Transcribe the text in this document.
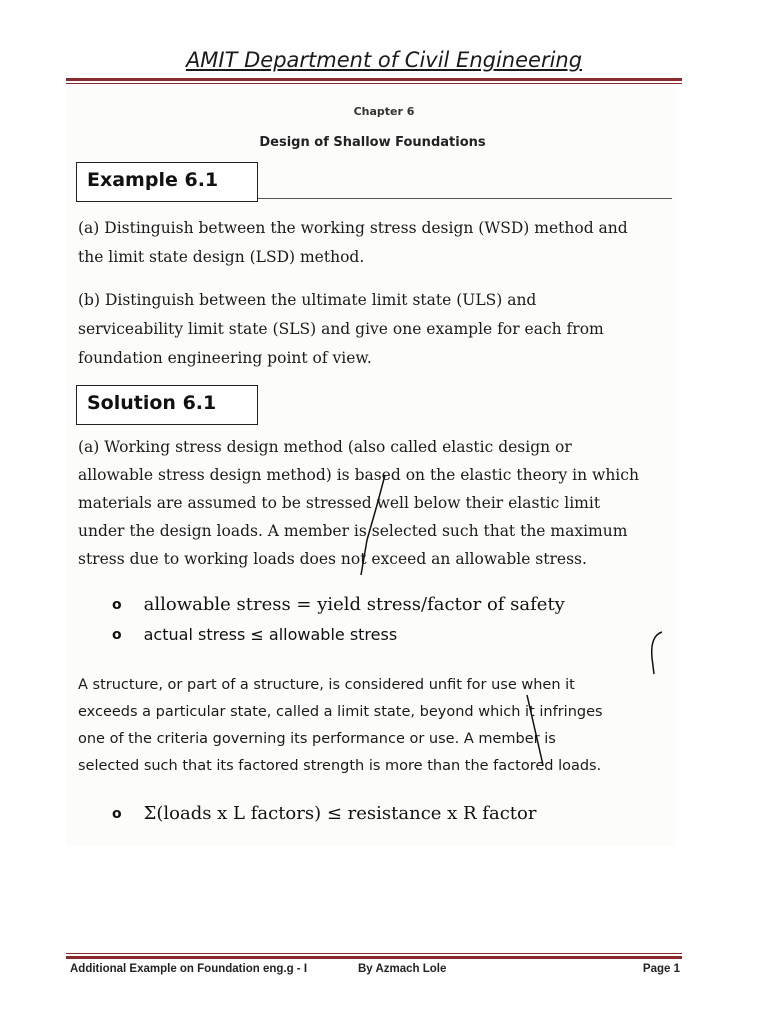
AMIT Department of Civil Engineering
Chapter 6
Design of Shallow Foundations
Example 6.1
(a) Distinguish between the working stress design (WSD) method and
the limit state design (LSD) method.
(b) Distinguish between the ultimate limit state (ULS) and
serviceability limit state (SLS) and give one example for each from
foundation engineering point of view.
Solution 6.1
(a) Working stress design method (also called elastic design or
allowable stress design method) is based on the elastic theory in which
materials are assumed to be stressed well below their elastic limit
under the design loads. A member is selected such that the maximum
stress due to working loads does not exceed an allowable stress.
o allowable stress = yield stress/factor of safety
o actual stress ≤ allowable stress
A structure, or part of a structure, is considered unfit for use when it
exceeds a particular state, called a limit state, beyond which it infringes
one of the criteria governing its performance or use. A member is
selected such that its factored strength is more than the factored loads.
o Σ(loads x L factors) ≤ resistance x R factor
Additional Example on Foundation eng.g - I	By Azmach Lole	Page 1
